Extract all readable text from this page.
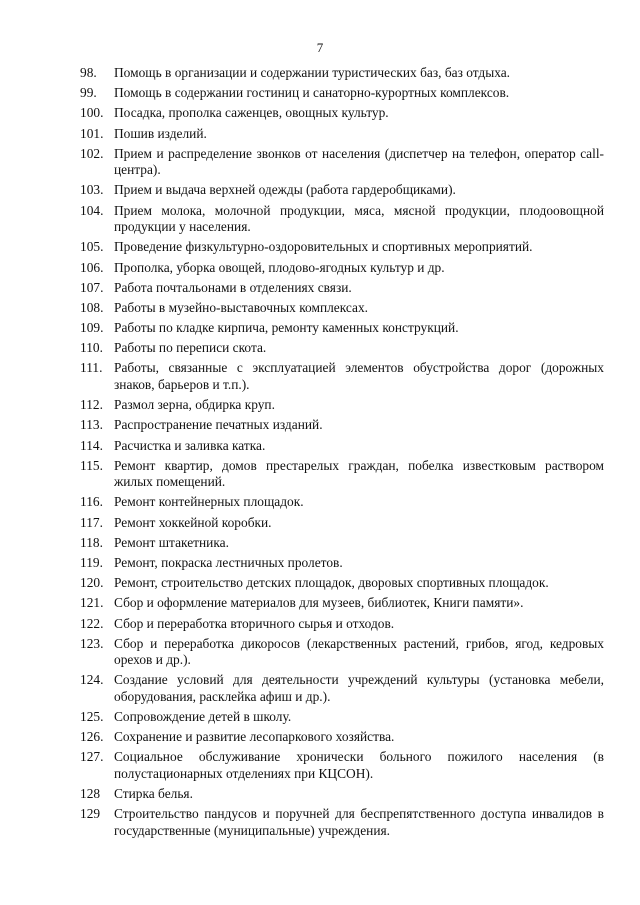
7
98.	Помощь в организации и содержании туристических баз, баз отдыха.
99.	Помощь в содержании гостиниц и санаторно-курортных комплексов.
100. Посадка, прополка саженцев, овощных культур.
101. Пошив изделий.
102. Прием и распределение звонков от населения (диспетчер на телефон, оператор call-центра).
103. Прием и выдача верхней одежды (работа гардеробщиками).
104. Прием молока, молочной продукции, мяса, мясной продукции, плодоовощной продукции у населения.
105. Проведение физкультурно-оздоровительных и спортивных мероприятий.
106. Прополка, уборка овощей, плодово-ягодных культур и др.
107. Работа почтальонами в отделениях связи.
108. Работы в музейно-выставочных комплексах.
109. Работы по кладке кирпича, ремонту каменных конструкций.
110. Работы по переписи скота.
111. Работы, связанные с эксплуатацией элементов обустройства дорог (дорожных знаков, барьеров и т.п.).
112. Размол зерна, обдирка круп.
113. Распространение печатных изданий.
114. Расчистка и заливка катка.
115. Ремонт квартир, домов престарелых граждан, побелка известковым раствором жилых помещений.
116. Ремонт контейнерных площадок.
117. Ремонт хоккейной коробки.
118. Ремонт штакетника.
119. Ремонт, покраска лестничных пролетов.
120. Ремонт, строительство детских площадок, дворовых спортивных площадок.
121. Сбор и оформление материалов для музеев, библиотек, Книги памяти».
122. Сбор и переработка вторичного сырья и отходов.
123. Сбор и переработка дикоросов (лекарственных растений, грибов, ягод, кедровых орехов и др.).
124. Создание условий для деятельности учреждений культуры (установка мебели, оборудования, расклейка афиш и др.).
125. Сопровождение детей в школу.
126. Сохранение и развитие лесопаркового хозяйства.
127. Социальное обслуживание хронически больного пожилого населения (в полустационарных отделениях при КЦСОН).
128	Стирка белья.
129	Строительство пандусов и поручней для беспрепятственного доступа инвалидов в государственные (муниципальные) учреждения.
